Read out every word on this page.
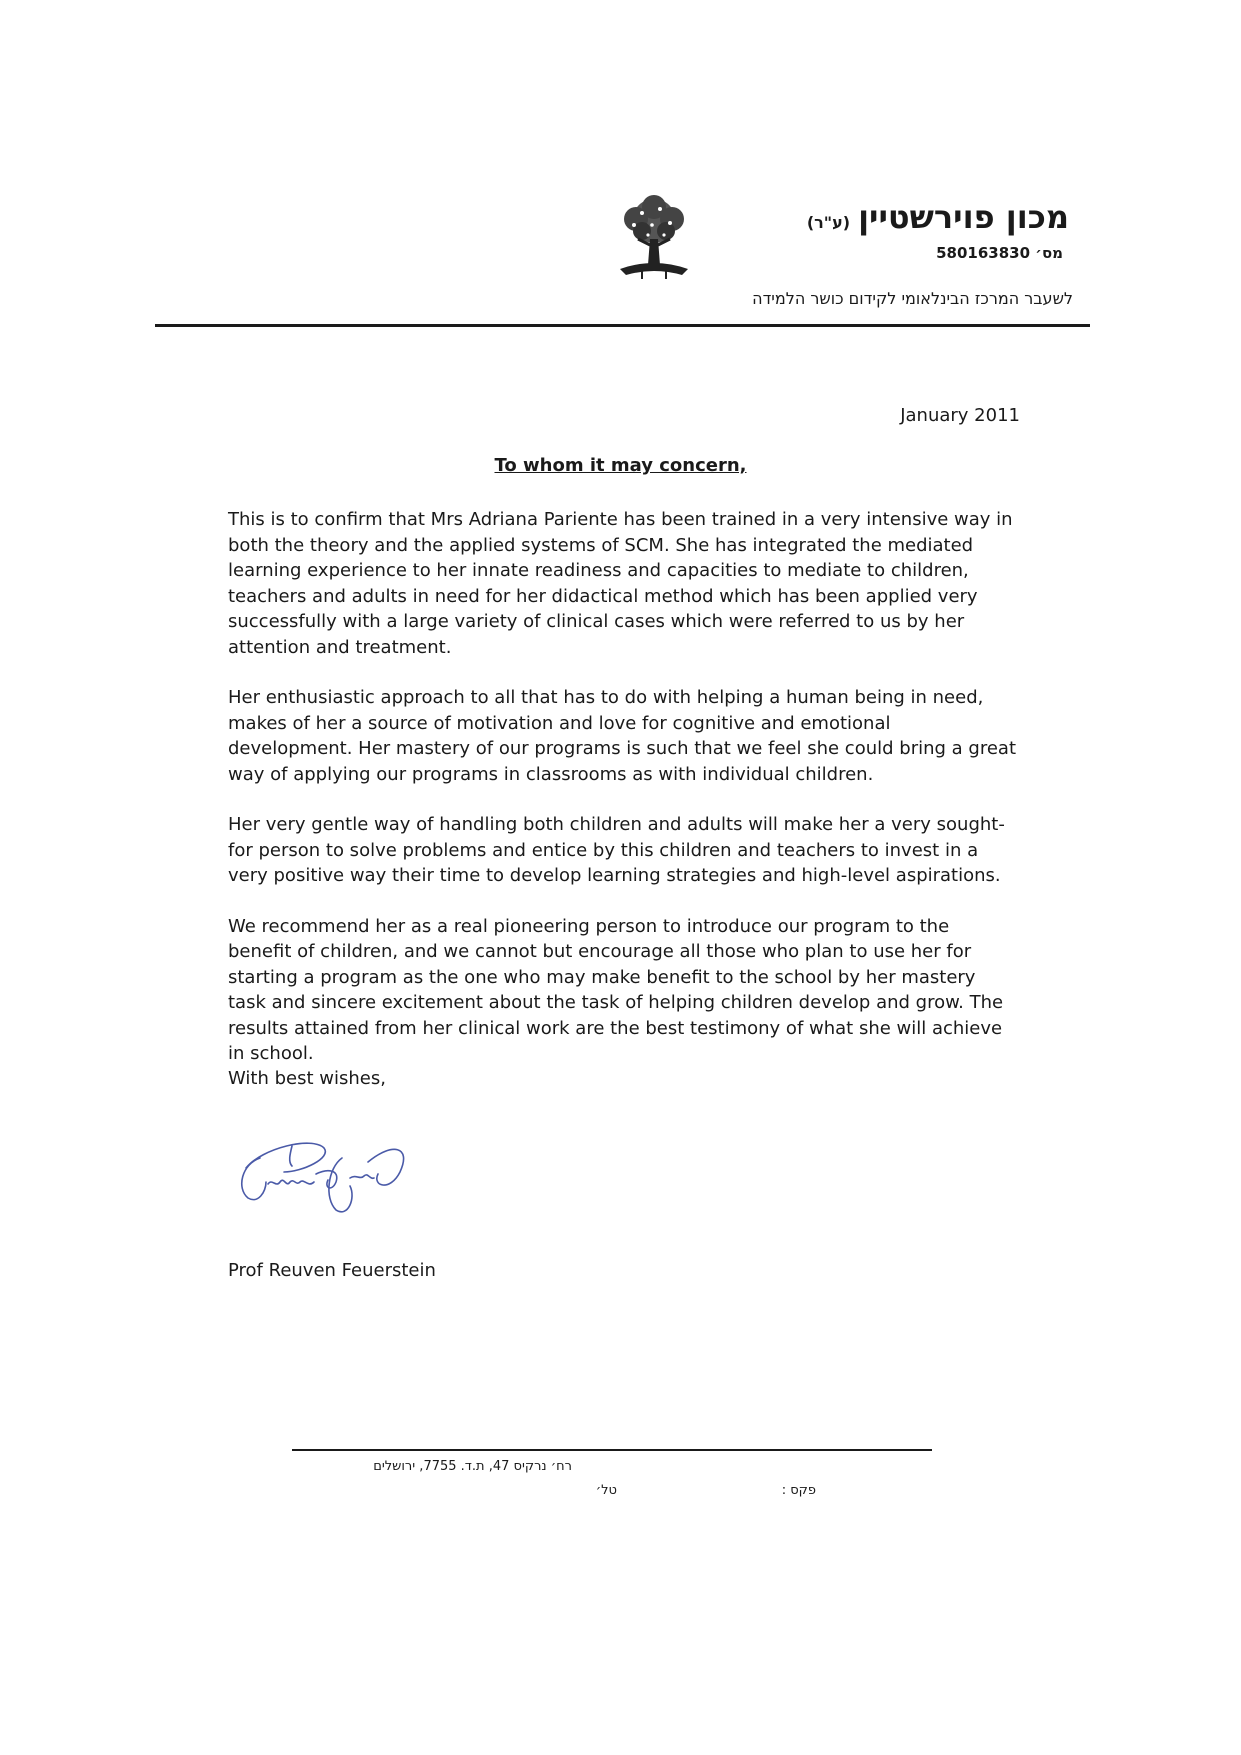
מכון פוירשטיין(ע"ר)
מס׳ 580163830
לשעבר המרכז הבינלאומי לקידום כושר הלמידה
January 2011
To whom it may concern,

This is to confirm that Mrs Adriana Pariente has been trained in a very intensive way in both the theory and the applied systems of SCM. She has integrated the mediated learning experience to her innate readiness and capacities to mediate to children, teachers and adults in need for her didactical method which has been applied very successfully with a large variety of clinical cases which were referred to us by her attention and treatment.

Her enthusiastic approach to all that has to do with helping a human being in need, makes of her a source of motivation and love for cognitive and emotional development. Her mastery of our programs is such that we feel she could bring a great way of applying our programs in classrooms as with individual children.

Her very gentle way of handling both children and adults will make her a very sought-for person to solve problems and entice by this children and teachers to invest in a very positive way their time to develop learning strategies and high-level aspirations.

We recommend her as a real pioneering person to introduce our program to the benefit of children, and we cannot but encourage all those who plan to use her for starting a program as the one who may make benefit to the school by her mastery task and sincere excitement about the task of helping children develop and grow. The results attained from her clinical work are the best testimony of what she will achieve in school.

With best wishes,
Prof Reuven Feuerstein
רח׳ נרקיס 47, ת.ד. 7755, ירושלים
טל׳	פקס :
